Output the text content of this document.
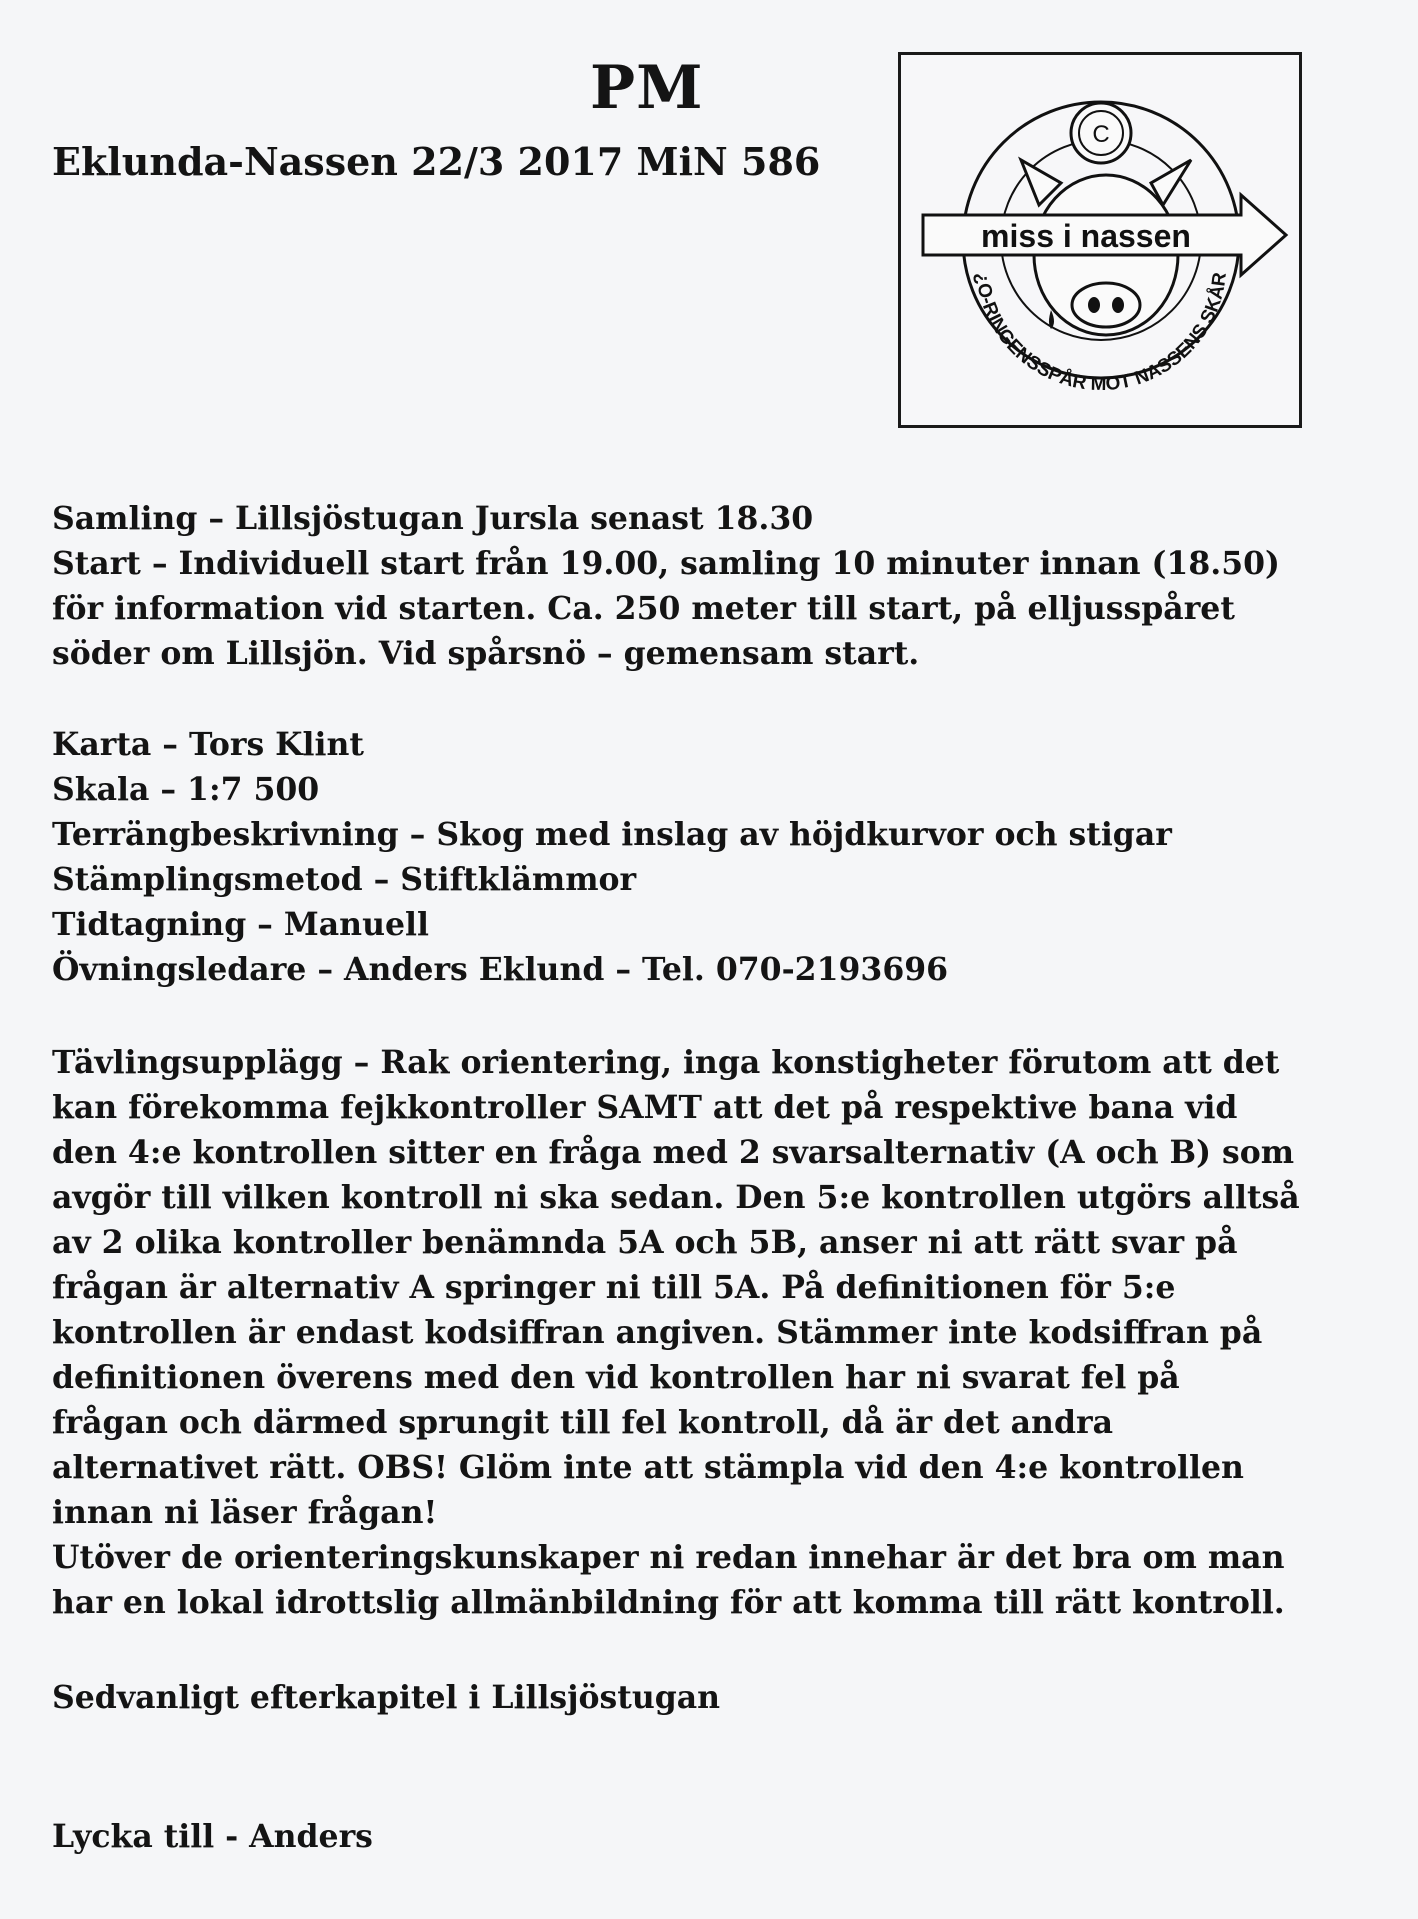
PM
Eklunda-Nassen 22/3 2017 MiN 586
C
miss i nassen
¿O-RINGENSSPÅR MOT NASSENS SKÅR
Samling – Lillsjöstugan Jursla senast 18.30
Start – Individuell start från 19.00, samling 10 minuter innan (18.50)
för information vid starten. Ca. 250 meter till start, på elljusspåret
söder om Lillsjön. Vid spårsnö – gemensam start.
Karta – Tors Klint
Skala – 1:7 500
Terrängbeskrivning – Skog med inslag av höjdkurvor och stigar
Stämplingsmetod – Stiftklämmor
Tidtagning – Manuell
Övningsledare – Anders Eklund – Tel. 070-2193696
Tävlingsupplägg – Rak orientering, inga konstigheter förutom att det
kan förekomma fejkkontroller SAMT att det på respektive bana vid
den 4:e kontrollen sitter en fråga med 2 svarsalternativ (A och B) som
avgör till vilken kontroll ni ska sedan. Den 5:e kontrollen utgörs alltså
av 2 olika kontroller benämnda 5A och 5B, anser ni att rätt svar på
frågan är alternativ A springer ni till 5A. På definitionen för 5:e
kontrollen är endast kodsiffran angiven. Stämmer inte kodsiffran på
definitionen överens med den vid kontrollen har ni svarat fel på
frågan och därmed sprungit till fel kontroll, då är det andra
alternativet rätt. OBS! Glöm inte att stämpla vid den 4:e kontrollen
innan ni läser frågan!
Utöver de orienteringskunskaper ni redan innehar är det bra om man
har en lokal idrottslig allmänbildning för att komma till rätt kontroll.
Sedvanligt efterkapitel i Lillsjöstugan
Lycka till - Anders
